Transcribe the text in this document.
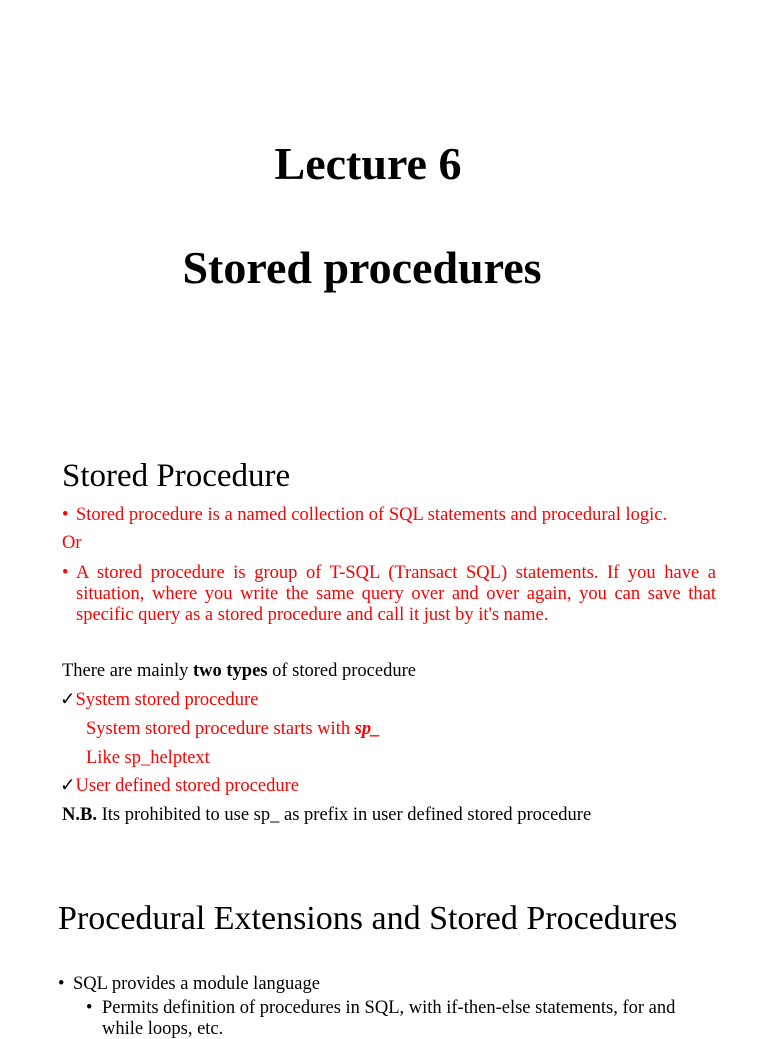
Lecture 6
Stored procedures
Stored Procedure
• Stored procedure is a named collection of SQL statements and procedural logic.
Or
• A stored procedure is group of T-SQL (Transact SQL) statements. If you have a situation, where you write the same query over and over again, you can save that specific query as a stored procedure and call it just by it's name.
There are mainly two types of stored procedure
✓System stored procedure
System stored procedure starts with sp_
Like sp_helptext
✓User defined stored procedure
N.B. Its prohibited to use sp_ as prefix in user defined stored procedure
Procedural Extensions and Stored Procedures
• SQL provides a module language
• Permits definition of procedures in SQL, with if-then-else statements, for and while loops, etc.
